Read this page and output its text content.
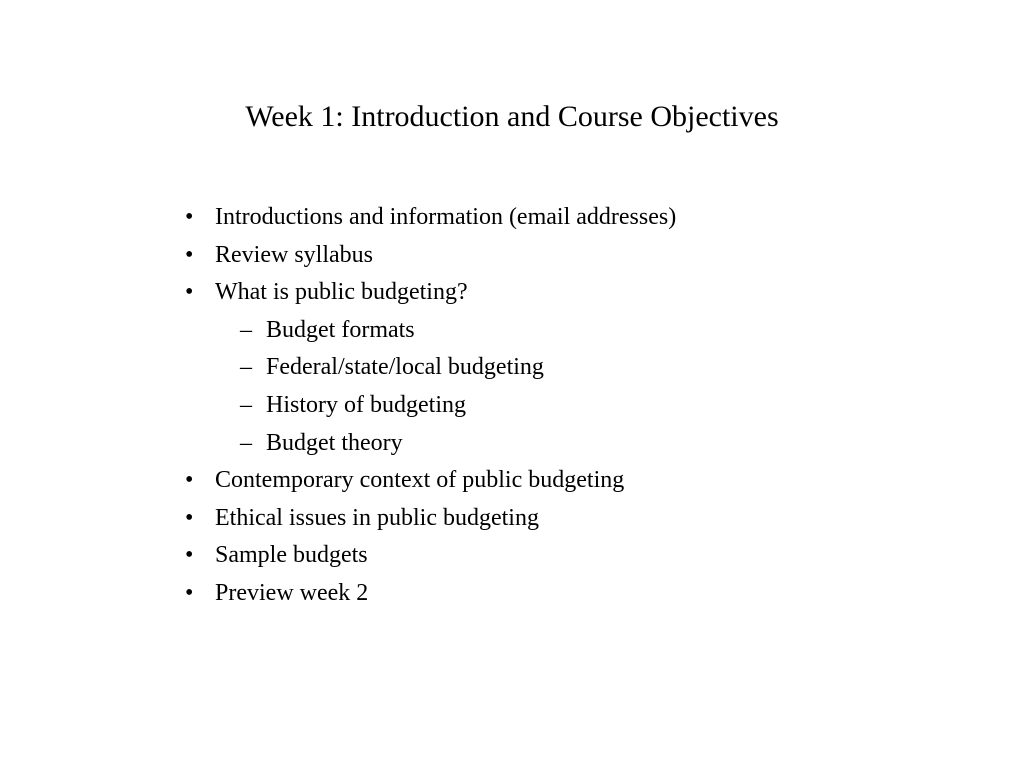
Week 1: Introduction and Course Objectives
• Introductions and information (email addresses)
• Review syllabus
• What is public budgeting?
– Budget formats
– Federal/state/local budgeting
– History of budgeting
– Budget theory
• Contemporary context of public budgeting
• Ethical issues in public budgeting
• Sample budgets
• Preview week 2
